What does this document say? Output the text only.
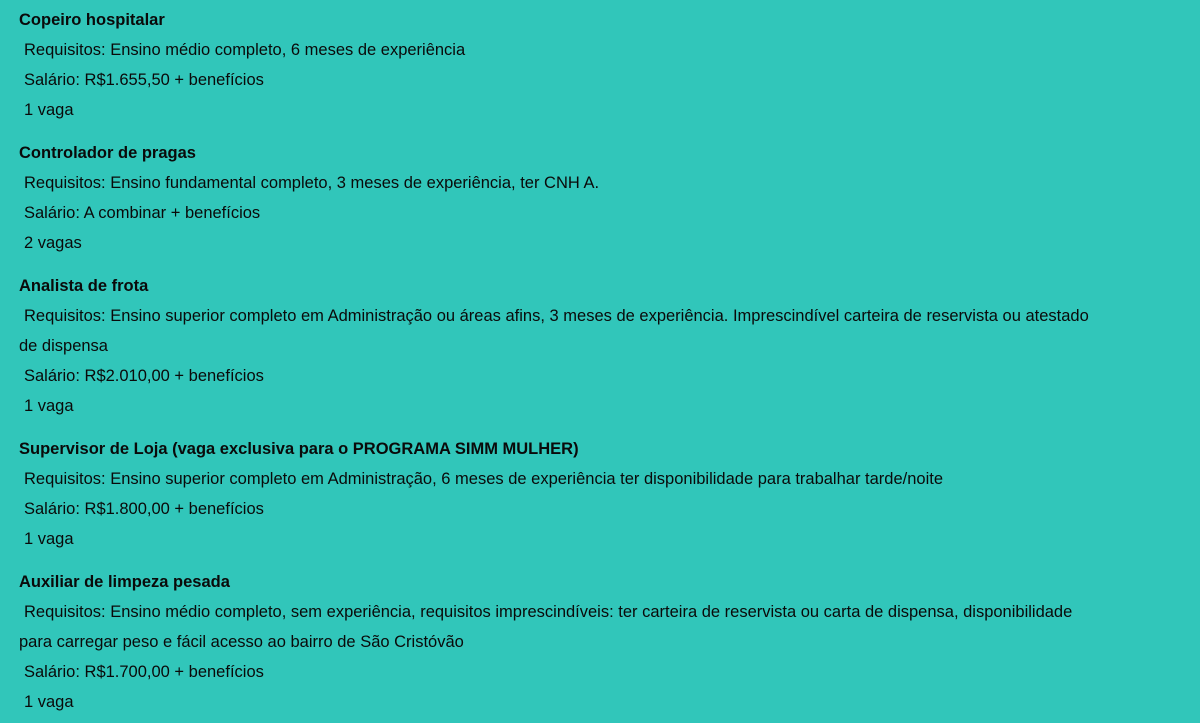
Copeiro hospitalar
Requisitos: Ensino médio completo, 6 meses de experiência
Salário: R$1.655,50 + benefícios
1 vaga
Controlador de pragas
Requisitos: Ensino fundamental completo, 3 meses de experiência, ter CNH A.
Salário: A combinar + benefícios
2 vagas
Analista de frota
Requisitos: Ensino superior completo em Administração ou áreas afins, 3 meses de experiência. Imprescindível carteira de reservista ou atestado de dispensa
Salário: R$2.010,00 + benefícios
1 vaga
Supervisor de Loja (vaga exclusiva para o PROGRAMA SIMM MULHER)
Requisitos: Ensino superior completo em Administração, 6 meses de experiência ter disponibilidade para trabalhar tarde/noite
Salário: R$1.800,00 + benefícios
1 vaga
Auxiliar de limpeza pesada
Requisitos: Ensino médio completo, sem experiência, requisitos imprescindíveis: ter carteira de reservista ou carta de dispensa, disponibilidade para carregar peso e fácil acesso ao bairro de São Cristóvão
Salário: R$1.700,00 + benefícios
1 vaga
